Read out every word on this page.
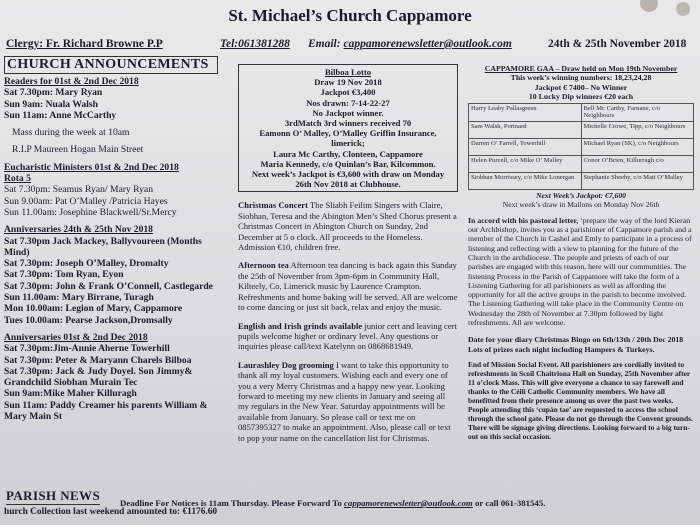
St. Michael’s Church Cappamore
Clergy: Fr. Richard Browne P.P	Tel:061381288 Email: cappamorenewsletter@outlook.com	24th & 25th November 2018
CHURCH ANNOUNCEMENTS
Readers for 01st & 2nd Dec 2018
Sat 7.30pm: Mary Ryan
Sun 9am: Nuala Walsh
Sun 11am: Anne McCarthy
Mass during the week at 10am
R.I.P Maureen Hogan Main Street
Eucharistic Ministers 01st & 2nd Dec 2018
Rota 5
Sat 7.30pm: Seamus Ryan/ Mary Ryan
Sun 9.00am: Pat O’Malley /Patricia Hayes
Sun 11.00am: Josephine Blackwell/Sr.Mercy
Anniversaries 24th & 25th Nov 2018
Sat 7.30pm Jack Mackey, Ballyvoureen (Months
Mind)
Sat 7.30pm: Joseph O’Malley, Dromalty
Sat 7.30pm: Tom Ryan, Eyon
Sat 7.30pm: John & Frank O’Connell, Castlegarde
Sun 11.00am: Mary Birrane, Turagh
Mon 10.00am: Legion of Mary, Cappamore
Tues 10.00am: Pearse Jackson,Dromsally
Anniversaries 01st & 2nd Dec 2018
Sat 7.30pm:Jim-Annie Aherne Towerhill
Sat 7.30pm: Peter & Maryann Charels Bilboa
Sat 7.30pm: Jack & Judy Doyel. Son Jimmy&
Grandchild Siobhan Murain Tec
Sun 9am:Mike Maher Killuragh
Sun 11am: Paddy Creamer his parents William &
Mary Main St
PARISH NEWS
hurch Collection last weekend amounted to: €1176.60
Bilboa Lotto
Draw 19 Nov 2018
Jackpot €3,400
Nos drawn: 7-14-22-27
No Jackpot winner.
3rdMatch 3rd winners received 70
Eamonn O’ Malley, O’Malley Griffin Insurance,
limerick;
Laura Mc Carthy, Clonteen, Cappamore
Maria Kennedy, c/o Quinlan’s Bar, Kilcommon.
Next week’s Jackpot is €3,600 with draw on Monday
26th Nov 2018 at Clubhouse.

Christmas Concert The Sliabh Feilim Singers with Claire, Siobhan, Teresa and the Abington Men’s Shed Chorus present a Christmas Concert in Abington Church on Sunday, 2nd December at 5 o clock. All proceeds to the Homeless. Admission €10, children free.

Afternoon tea Afternoon tea dancing is back again this Sunday the 25th of November from 3pm-6pm in Community Hall, Kilteely, Co, Limerick music by Laurence Crampton. Refreshments and home baking will be served. All are welcome to come dancing or just sit back, relax and enjoy the music.

English and Irish grinds available junior cert and leaving cert pupils welcome higher or ordinary level. Any questions or inquiries please call/text Katelynn on 0868681949.

Laurashley Dog grooming I want to take this opportunity to thank all my loyal customers. Wishing each and every one of you a very Merry Christmas and a happy new year. Looking forward to meeting my new clients in January and seeing all my regulars in the New Year. Saturday appointments will be available from January. So please call or text me on 0857395327 to make an appointment. Also, please call or text to pop your name on the cancellation list for Christmas.

CAPPAMORE GAA – Draw held on Mon 19th November
This week’s winning numbers: 18,23,24,28
Jackpot € 7400– No Winner
10 Lucky Dip winners €20 each
Harry Leahy Pallasgreen	Bell Mc Carthy, Farnane, c/o Neighbours
Sam Walsh, Portnard	Michelle Crowe, Tipp, c/o Neighbours
Darren O’ Farrell, Towerhill	Michael Ryan (SK), c/o Neighbours
Helen Purcell, c/o Mike O’ Malley	Conor O’Brien, Killurragh c/o
Siobhan Morrissey, c/o Mike Lonergan	Stephanie Sheehy, c/o Matt O’Malley
Next Week’s Jackpot: €7,600
Next week’s draw in Mallons on Monday Nov 26th

In accord with his pastoral letter, ‘prepare the way of the lord Kieran our Archbishop, invites you as a parishioner of Cappamore parish and a member of the Church in Cashel and Emly to participate in a process of listening and reflecting with a view to planning for the future of the Church in the archdiocese. The people and priests of each of our parishes are engaged with this reason, here will our communities. The listening Process in the Parish of Cappamore will take the form of a Listening Gathering for all parishioners as well as affording the opportunity for all the active groups in the parish to become involved. The Listening Gathering will take place in the Community Centre on Wednesday the 28th of November at 7.30pm followed by light refreshments. All are welcome.

Date for your diary Christmas Bingo on 6th/13th / 20th Dec 2018 Lots of prizes each night including Hampers & Turkeys.

End of Mission Social Event. All parishioners are cordially invited to refreshments in Scoil Chaitriona Hall on Sunday, 25th November after 11 o’clock Mass. This will give everyone a chance to say farewell and thanks to the Céili Catholic Community members. We have all benefitted from their presence among us over the past two weeks. People attending this ‘cupán tae’ are requested to access the school through the school gate. Please do not go through the Convent grounds. There will be signage giving directions. Looking forward to a big turn-out on this social occasion.

Deadline For Notices is 11am Thursday. Please Forward To cappamorenewsletter@outlook.com or call 061-381545.
